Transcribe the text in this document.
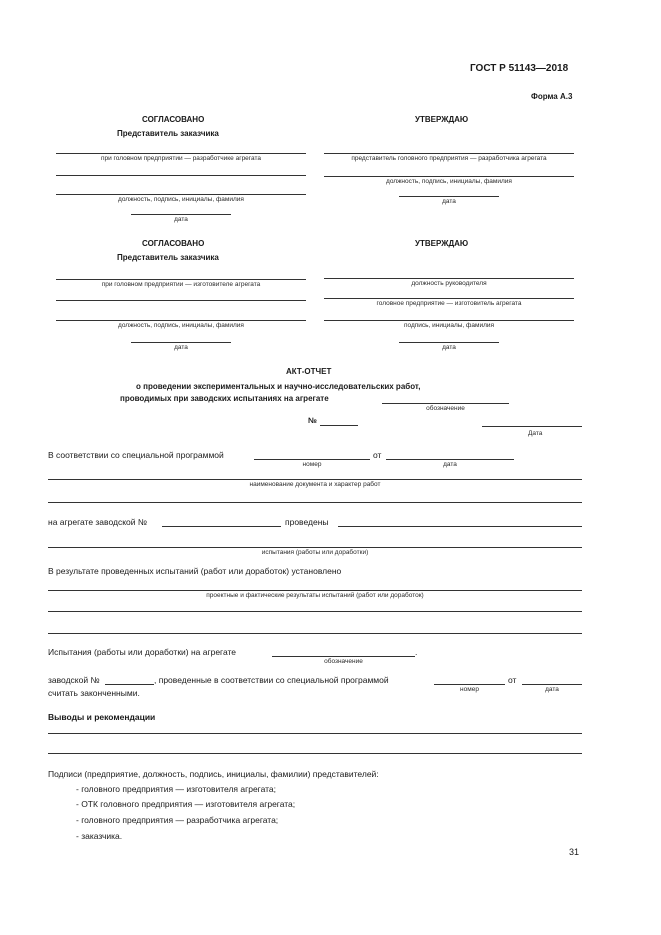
ГОСТ Р 51143—2018
Форма А.3
СОГЛАСОВАНО
Представитель заказчика
при головном предприятии — разработчике агрегата
должность, подпись, инициалы, фамилия
дата
УТВЕРЖДАЮ
представитель головного предприятия — разработчика агрегата
должность, подпись, инициалы, фамилия
дата
СОГЛАСОВАНО
Представитель заказчика
при головном предприятии — изготовителе агрегата
должность, подпись, инициалы, фамилия
дата
УТВЕРЖДАЮ
должность руководителя
головное предприятие — изготовитель агрегата
подпись, инициалы, фамилия
дата
АКТ-ОТЧЕТ
о проведении экспериментальных и научно-исследовательских работ,
проводимых при заводских испытаниях на агрегате
обозначение
№
Дата
В соответствии со специальной программой
номер
от
дата
наименование документа и характер работ
на агрегате заводской №	проведены
испытания (работы или доработки)
В результате проведенных испытаний (работ или доработок) установлено
проектные и фактические результаты испытаний (работ или доработок)
Испытания (работы или доработки) на агрегате	.
обозначение
заводской №	, проведенные в соответствии со специальной программой
номер
от
дата
считать законченными.
Выводы и рекомендации
Подписи (предприятие, должность, подпись, инициалы, фамилии) представителей:
- головного предприятия — изготовителя агрегата;
- ОТК головного предприятия — изготовителя агрегата;
- головного предприятия — разработчика агрегата;
- заказчика.
31
